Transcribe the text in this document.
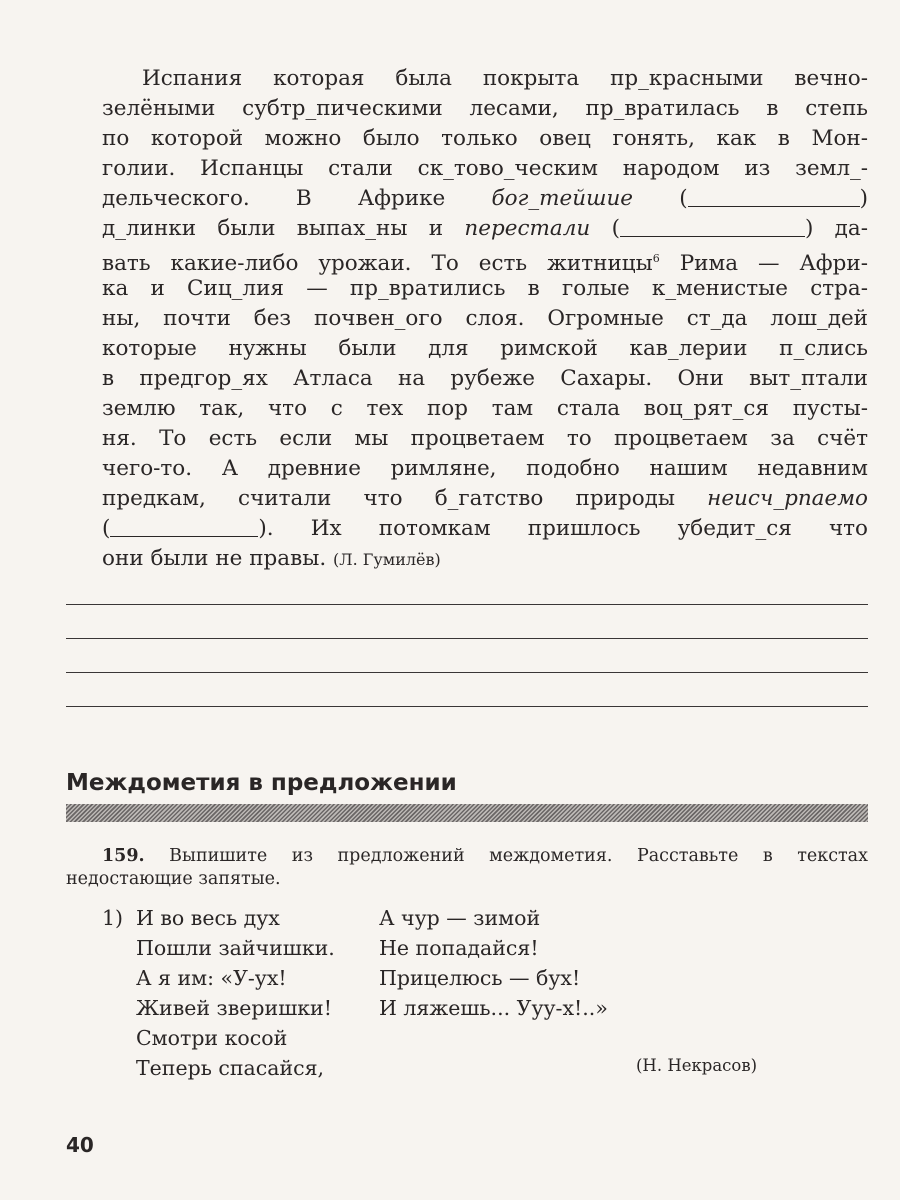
Испания которая была покрыта пр_красными вечно-
зелёными субтр_пическими лесами, пр_вратилась в степь
по которой можно было только овец гонять, как в Мон-
голии. Испанцы стали ск_тово_ческим народом из земл_-
дельческого. В Африке бог_тейшие (	)
д_линки были выпах_ны и перестали (	) да-
вать какие-либо урожаи. То есть житницы$^6$ Рима — Афри-
ка и Сиц_лия — пр_вратились в голые к_менистые стра-
ны, почти без почвен_ого слоя. Огромные ст_да лош_дей
которые нужны были для римской кав_лерии п_слись
в предгор_ях Атласа на рубеже Сахары. Они выт_птали
землю так, что с тех пор там стала воц_рят_ся пусты-
ня. То есть если мы процветаем то процветаем за счёт
чего-то. А древние римляне, подобно нашим недавним
предкам, считали что б_гатство природы неисч_рпаемо
(	). Их потомкам пришлось убедит_ся что
они были не правы. (Л. Гумилёв)
Междометия в предложении
159. Выпишите из предложений междометия. Расставьте в текстах
недостающие запятые.
1) И во весь дух
Пошли зайчишки.
А я им: «У-ух!
Живей зверишки!
Смотри косой
Теперь спасайся,
А чур — зимой
Не попадайся!
Прицелюсь — бух!
И ляжешь... Ууу-х!..»
(Н. Некрасов)
40
